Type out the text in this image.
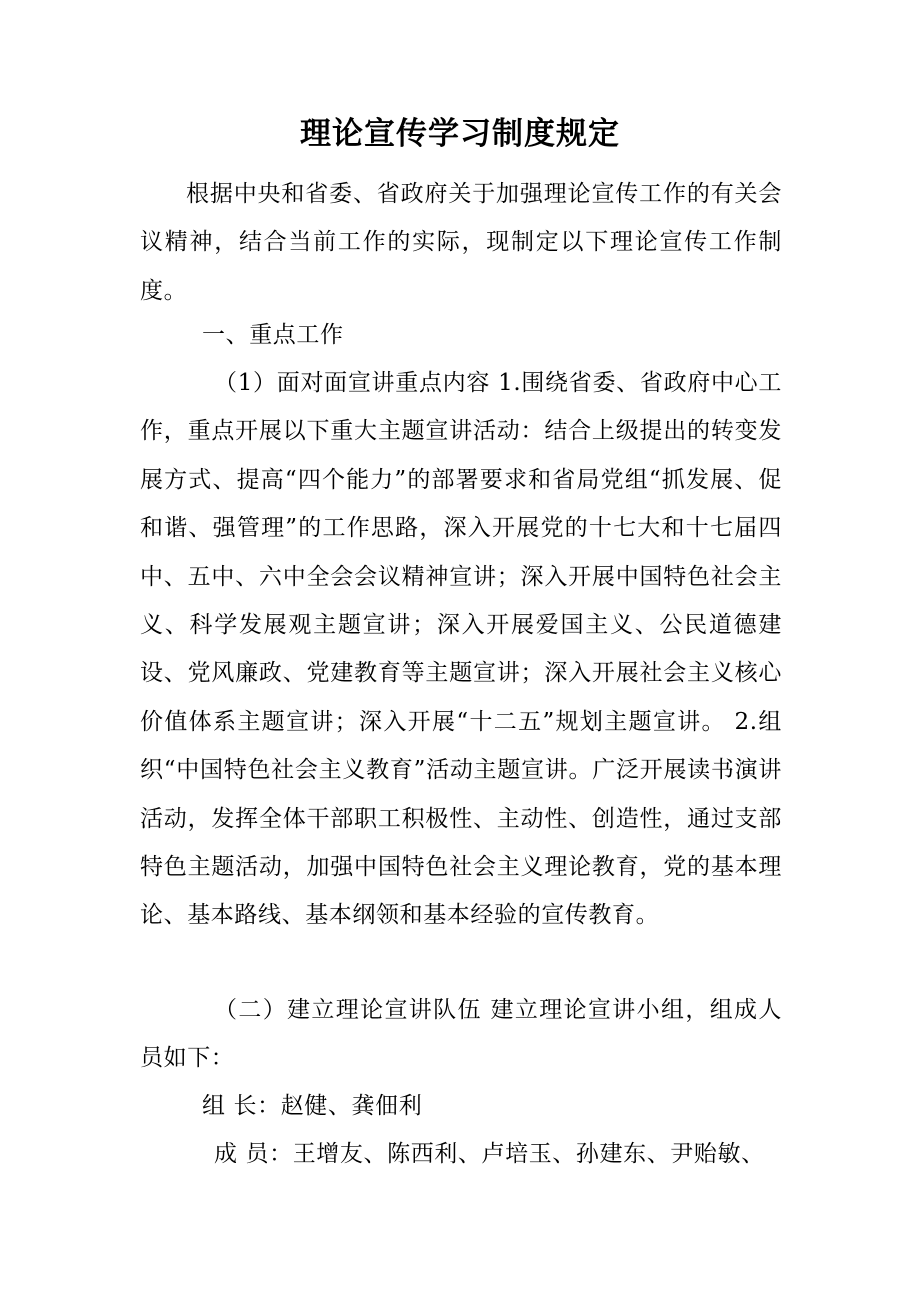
理论宣传学习制度规定

根据中央和省委、省政府关于加强理论宣传工作的有关会议精神，结合当前工作的实际，现制定以下理论宣传工作制度。

一、重点工作

（1）面对面宣讲重点内容 1.围绕省委、省政府中心工作，重点开展以下重大主题宣讲活动：结合上级提出的转变发展方式、提高“四个能力”的部署要求和省局党组“抓发展、促和谐、强管理”的工作思路，深入开展党的十七大和十七届四中、五中、六中全会会议精神宣讲；深入开展中国特色社会主义、科学发展观主题宣讲；深入开展爱国主义、公民道德建设、党风廉政、党建教育等主题宣讲；深入开展社会主义核心价值体系主题宣讲；深入开展“十二五”规划主题宣讲。 2.组织“中国特色社会主义教育”活动主题宣讲。广泛开展读书演讲活动，发挥全体干部职工积极性、主动性、创造性，通过支部特色主题活动，加强中国特色社会主义理论教育，党的基本理论、基本路线、基本纲领和基本经验的宣传教育。

（二）建立理论宣讲队伍 建立理论宣讲小组，组成人员如下：

组 长：赵健、龚佃利

成 员：王增友、陈西利、卢培玉、孙建东、尹贻敏、
